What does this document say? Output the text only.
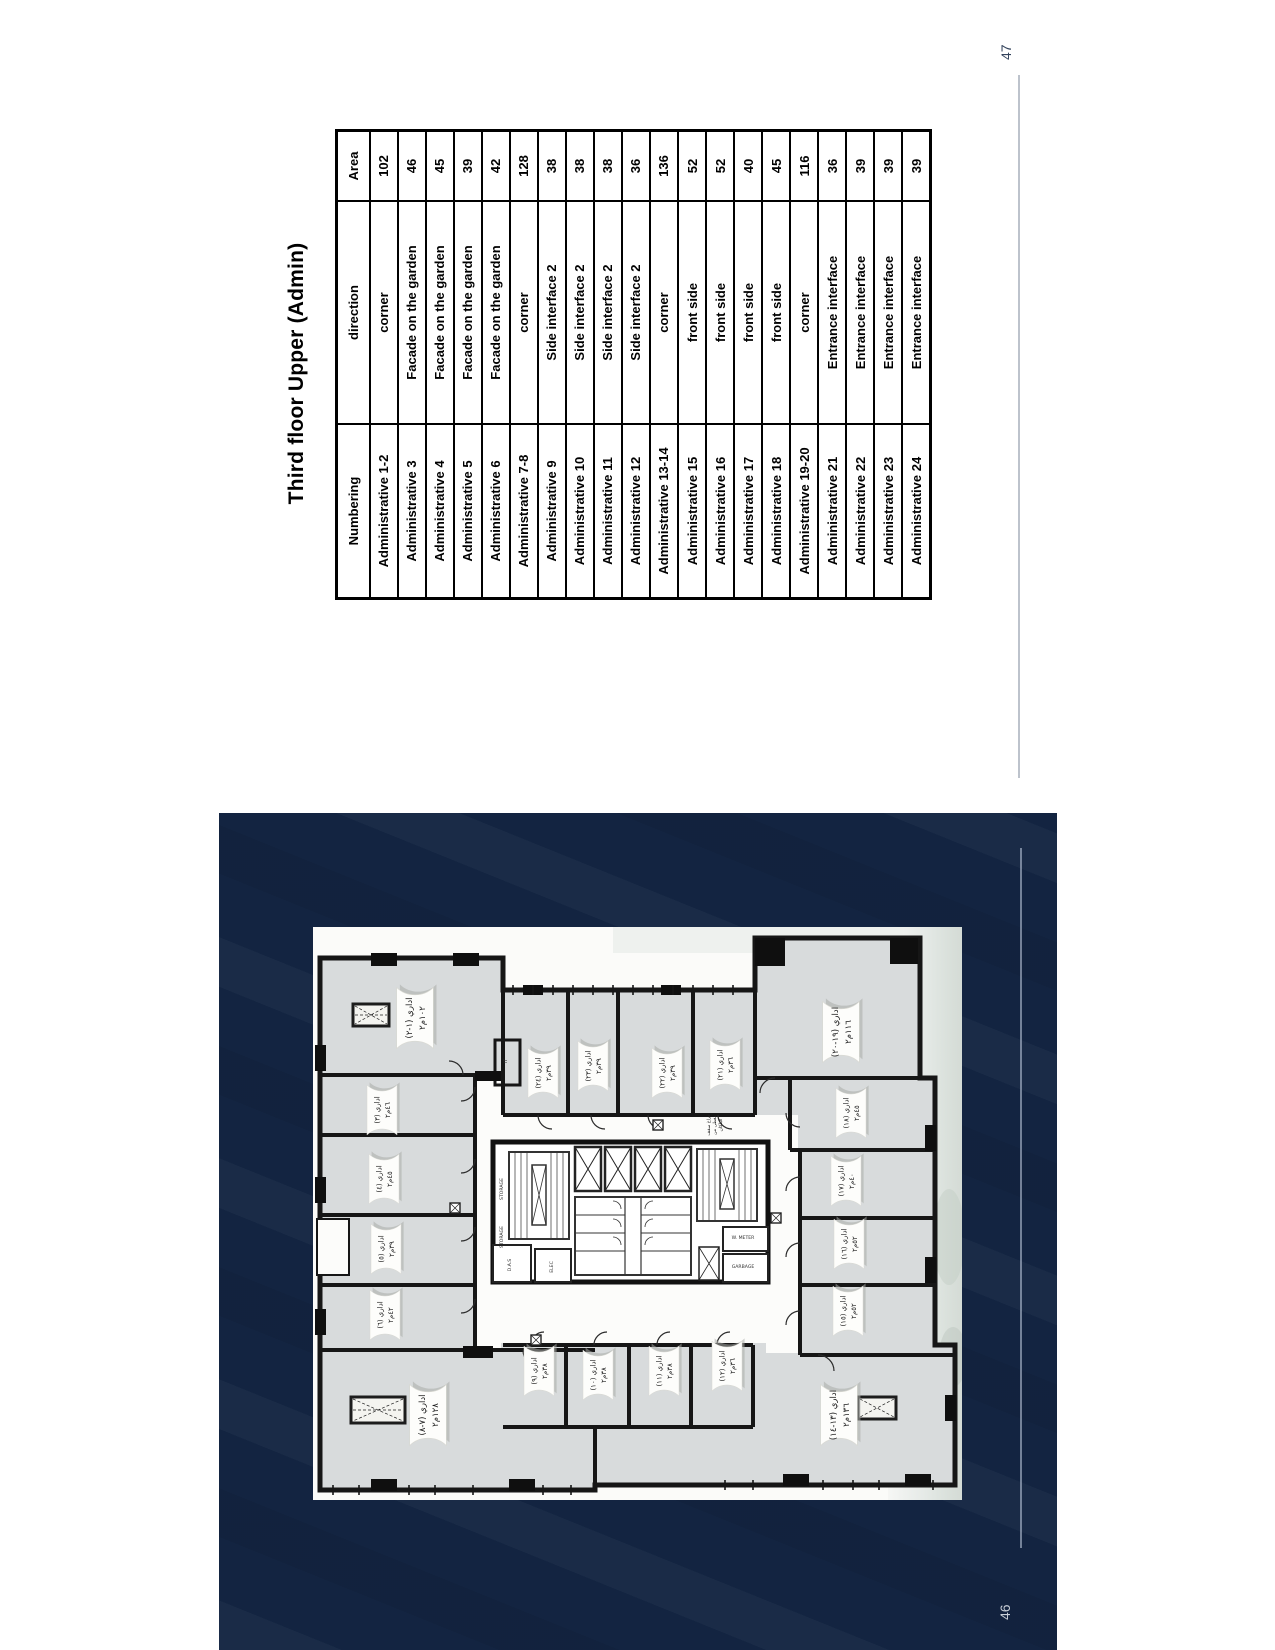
Third floor Upper (Admin)
Numbering	direction	Area
Administrative 1-2	corner	102
Administrative 3	Facade on the garden	46
Administrative 4	Facade on the garden	45
Administrative 5	Facade on the garden	39
Administrative 6	Facade on the garden	42
Administrative 7-8	corner	128
Administrative 9	Side interface 2	38
Administrative 10	Side interface 2	38
Administrative 11	Side interface 2	38
Administrative 12	Side interface 2	36
Administrative 13-14	corner	136
Administrative 15	front side	52
Administrative 16	front side	52
Administrative 17	front side	40
Administrative 18	front side	45
Administrative 19-20	corner	116
Administrative 21	Entrance interface	36
Administrative 22	Entrance interface	39
Administrative 23	Entrance interface	39
Administrative 24	Entrance interface	39
47
اداري (١-٢)
١٠٢م٢
اداري (٣) ٤٦م٢
اداري (٤) ٤٥م٢
اداري (٥) ٣٩م٢
اداري (٦) ٤٢م٢
اداري (٧-٨)
١٢٨م٢
اداري (٩) ٣٨م٢
اداري (١٠)
٣٨م٢
اداري (١١)
٣٨م٢
اداري (١٢)
٣٦م٢
اداري (١٣-١٤)
١٣٦م٢
اداري (١٥)
٥٢م٢
اداري (١٦)
٥٢م٢
اداري (١٧)
٤٠م٢
اداري (١٨)
٤٥م٢
اداري (١٩-٢٠)
١١٦م٢
اداري (٢١)
٣٦م٢
اداري (٢٢)
٣٩م٢
اداري (٢٣)
٣٩م٢
اداري (٢٤)
٣٩م٢
IT
STORAGE
STORAGE
D.A.S	ELEC
W. METER
GARBAGE
فراغ سقف مغطى من البلكان
46
